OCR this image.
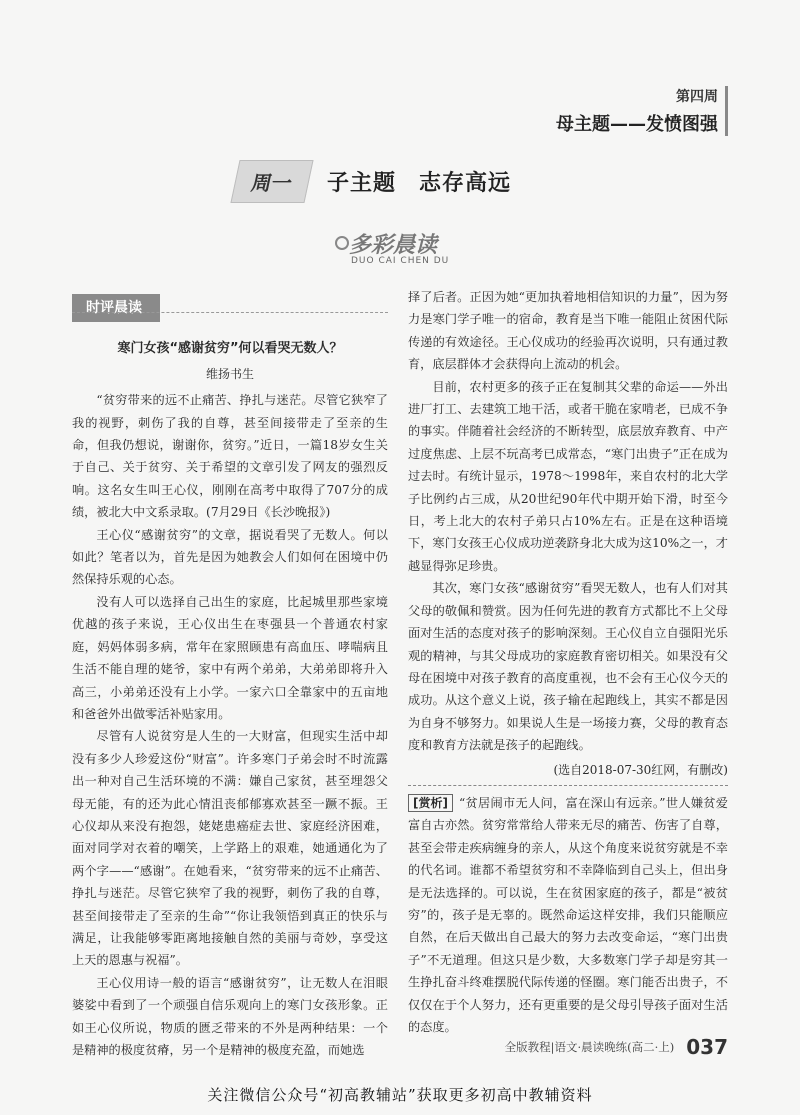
第四周
母主题——发愤图强
周一	子主题　志存高远
多彩晨读
DUO CAI CHEN DU
时评晨读
寒门女孩“感谢贫穷”何以看哭无数人？
维扬书生

“贫穷带来的远不止痛苦、挣扎与迷茫。尽管它狭窄了我的视野，刺伤了我的自尊，甚至间接带走了至亲的生命，但我仍想说，谢谢你，贫穷。”近日，一篇18岁女生关于自己、关于贫穷、关于希望的文章引发了网友的强烈反响。这名女生叫王心仪，刚刚在高考中取得了707分的成绩，被北大中文系录取。(7月29日《长沙晚报》)

王心仪“感谢贫穷”的文章，据说看哭了无数人。何以如此？笔者以为，首先是因为她教会人们如何在困境中仍然保持乐观的心态。

没有人可以选择自己出生的家庭，比起城里那些家境优越的孩子来说，王心仪出生在枣强县一个普通农村家庭，妈妈体弱多病，常年在家照顾患有高血压、哮喘病且生活不能自理的姥爷，家中有两个弟弟，大弟弟即将升入高三，小弟弟还没有上小学。一家六口全靠家中的五亩地和爸爸外出做零活补贴家用。

尽管有人说贫穷是人生的一大财富，但现实生活中却没有多少人珍爱这份“财富”。许多寒门子弟会时不时流露出一种对自己生活环境的不满：嫌自己家贫，甚至埋怨父母无能，有的还为此心情沮丧郁郁寡欢甚至一蹶不振。王心仪却从来没有抱怨，姥姥患癌症去世、家庭经济困难，面对同学对衣着的嘲笑，上学路上的艰难，她通通化为了两个字——“感谢”。在她看来，“贫穷带来的远不止痛苦、挣扎与迷茫。尽管它狭窄了我的视野，刺伤了我的自尊，甚至间接带走了至亲的生命”“你让我领悟到真正的快乐与满足，让我能够零距离地接触自然的美丽与奇妙，享受这上天的恩惠与祝福”。

王心仪用诗一般的语言“感谢贫穷”，让无数人在泪眼婆娑中看到了一个顽强自信乐观向上的寒门女孩形象。正如王心仪所说，物质的匮乏带来的不外是两种结果：一个是精神的极度贫瘠，另一个是精神的极度充盈，而她选

择了后者。正因为她“更加执着地相信知识的力量”，因为努力是寒门学子唯一的宿命，教育是当下唯一能阻止贫困代际传递的有效途径。王心仪成功的经验再次说明，只有通过教育，底层群体才会获得向上流动的机会。

目前，农村更多的孩子正在复制其父辈的命运——外出进厂打工、去建筑工地干活，或者干脆在家啃老，已成不争的事实。伴随着社会经济的不断转型，底层放弃教育、中产过度焦虑、上层不玩高考已成常态，“寒门出贵子”正在成为过去时。有统计显示，1978～1998年，来自农村的北大学子比例约占三成，从20世纪90年代中期开始下滑，时至今日，考上北大的农村子弟只占10%左右。正是在这种语境下，寒门女孩王心仪成功逆袭跻身北大成为这10%之一，才越显得弥足珍贵。

其次，寒门女孩“感谢贫穷”看哭无数人，也有人们对其父母的敬佩和赞赏。因为任何先进的教育方式都比不上父母面对生活的态度对孩子的影响深刻。王心仪自立自强阳光乐观的精神，与其父母成功的家庭教育密切相关。如果没有父母在困境中对孩子教育的高度重视，也不会有王心仪今天的成功。从这个意义上说，孩子输在起跑线上，其实不都是因为自身不够努力。如果说人生是一场接力赛，父母的教育态度和教育方法就是孩子的起跑线。

(选自2018-07-30红网，有删改)
[赏析] “贫居闹市无人问，富在深山有远亲。”世人嫌贫爱富自古亦然。贫穷常常给人带来无尽的痛苦、伤害了自尊，甚至会带走疾病缠身的亲人，从这个角度来说贫穷就是不幸的代名词。谁都不希望贫穷和不幸降临到自己头上，但出身是无法选择的。可以说，生在贫困家庭的孩子，都是“被贫穷”的，孩子是无辜的。既然命运这样安排，我们只能顺应自然，在后天做出自己最大的努力去改变命运，“寒门出贵子”不无道理。但这只是少数，大多数寒门学子却是穷其一生挣扎奋斗终难摆脱代际传递的怪圈。寒门能否出贵子，不仅仅在于个人努力，还有更重要的是父母引导孩子面对生活的态度。
全版教程|语文·晨读晚练(高二·上) 037
关注微信公众号“初高教辅站”获取更多初高中教辅资料
